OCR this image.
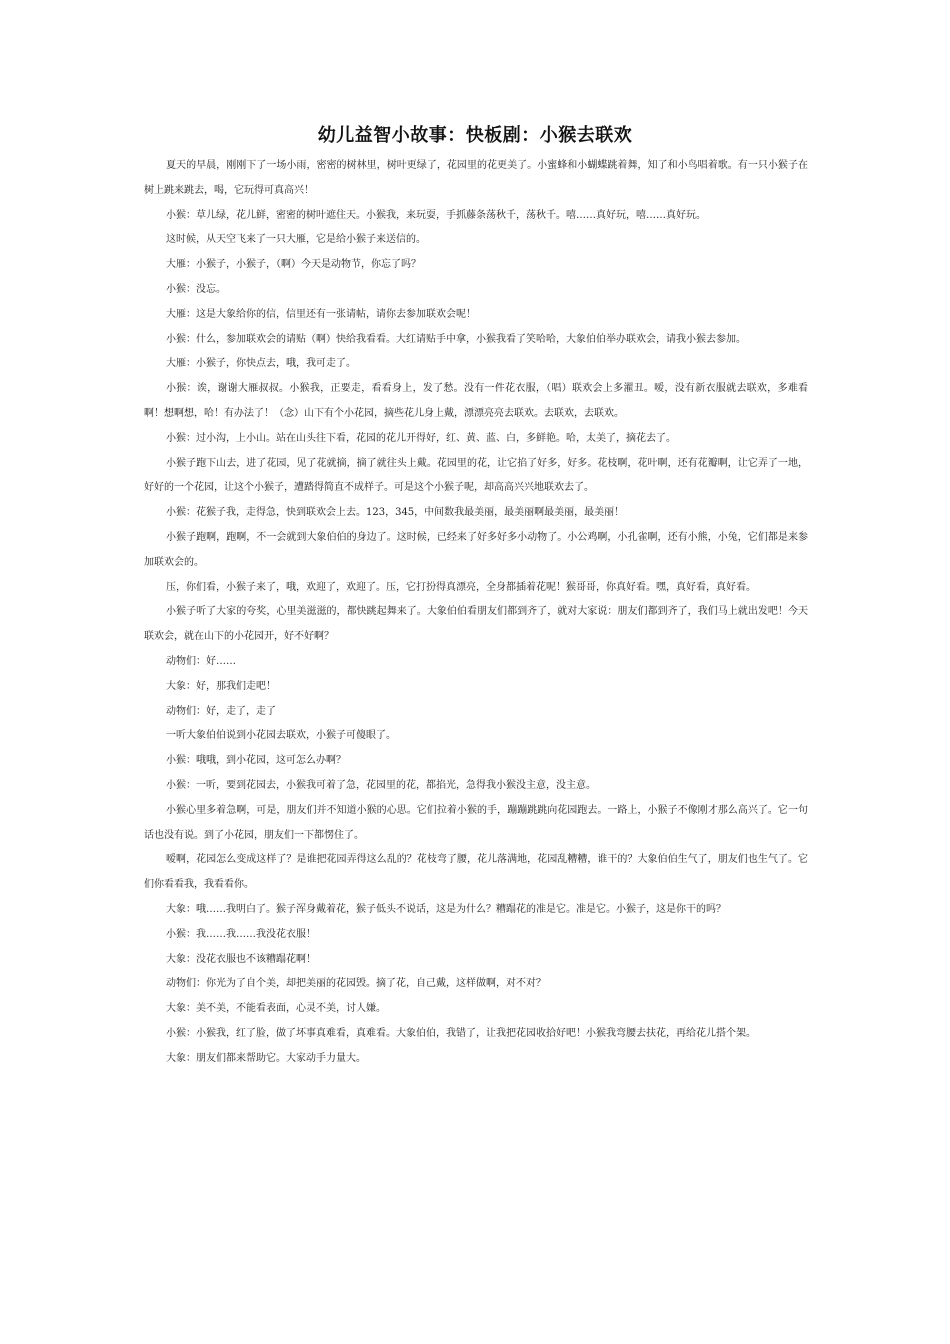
幼儿益智小故事：快板剧：小猴去联欢

夏天的早晨，刚刚下了一场小雨，密密的树林里，树叶更绿了，花园里的花更美了。小蜜蜂和小蝴蝶跳着舞，知了和小鸟唱着歌。有一只小猴子在树上跳来跳去，喝，它玩得可真高兴！

小猴：草儿绿，花儿鲜，密密的树叶遮住天。小猴我，来玩耍，手抓藤条荡秋千，荡秋千。嘻……真好玩，嘻……真好玩。

这时候，从天空飞来了一只大雁，它是给小猴子来送信的。

大雁：小猴子，小猴子，（啊）今天是动物节，你忘了吗？

小猴：没忘。

大雁：这是大象给你的信，信里还有一张请帖，请你去参加联欢会呢！

小猴：什么，参加联欢会的请贴（啊）快给我看看。大红请贴手中拿，小猴我看了笑哈哈，大象伯伯举办联欢会，请我小猴去参加。

大雁：小猴子，你快点去，哦，我可走了。

小猴：诶，谢谢大雁叔叔。小猴我，正要走，看看身上，发了愁。没有一件花衣服，（唱）联欢会上多濯丑。嗳，没有新衣服就去联欢，多难看啊！想啊想，哈！有办法了！（念）山下有个小花园，摘些花儿身上戴，漂漂亮亮去联欢。去联欢，去联欢。

小猴：过小沟，上小山。站在山头往下看，花园的花儿开得好，红、黄、蓝、白，多鲜艳。哈，太美了，摘花去了。

小猴子跑下山去，进了花园，见了花就摘，摘了就往头上戴。花园里的花，让它掐了好多，好多。花枝啊，花叶啊，还有花瓣啊，让它弄了一地，好好的一个花园，让这个小猴子，遭踏得简直不成样子。可是这个小猴子呢，却高高兴兴地联欢去了。

小猴：花猴子我，走得急，快到联欢会上去。123，345，中间数我最美丽，最美丽啊最美丽，最美丽！

小猴子跑啊，跑啊，不一会就到大象伯伯的身边了。这时候，已经来了好多好多小动物了。小公鸡啊，小孔雀啊，还有小熊，小兔，它们都是来参加联欢会的。

压，你们看，小猴子来了，哦，欢迎了，欢迎了。压，它打扮得真漂亮，全身都插着花呢！猴哥哥，你真好看。嘿，真好看，真好看。

小猴子听了大家的夸奖，心里美滋滋的，都快跳起舞来了。大象伯伯看朋友们都到齐了，就对大家说：朋友们都到齐了，我们马上就出发吧！今天联欢会，就在山下的小花园开，好不好啊？

动物们：好……

大象：好，那我们走吧！

动物们：好，走了，走了

一听大象伯伯说到小花园去联欢，小猴子可傻眼了。

小猴：哦哦，到小花园，这可怎么办啊？

小猴：一听，要到花园去，小猴我可着了急，花园里的花，都掐光，急得我小猴没主意，没主意。

小猴心里多着急啊，可是，朋友们并不知道小猴的心思。它们拉着小猴的手，蹦蹦跳跳向花园跑去。一路上，小猴子不像刚才那么高兴了。它一句话也没有说。到了小花园，朋友们一下都愣住了。

嗳啊，花园怎么变成这样了？是谁把花园弄得这么乱的？花枝弯了腰，花儿落满地，花园乱糟糟，谁干的？大象伯伯生气了，朋友们也生气了。它们你看看我，我看看你。

大象：哦……我明白了。猴子浑身戴着花，猴子低头不说话，这是为什么？糟蹋花的准是它。准是它。小猴子，这是你干的吗？

小猴：我……我……我没花衣服！

大象：没花衣服也不该糟蹋花啊！

动物们：你光为了自个美，却把美丽的花园毁。摘了花，自己戴，这样做啊，对不对？

大象：美不美，不能看表面，心灵不美，讨人嫌。

小猴：小猴我，红了脸，做了坏事真难看，真难看。大象伯伯，我错了，让我把花园收拾好吧！小猴我弯腰去扶花，再给花儿搭个架。

大象：朋友们都来帮助它。大家动手力量大。
